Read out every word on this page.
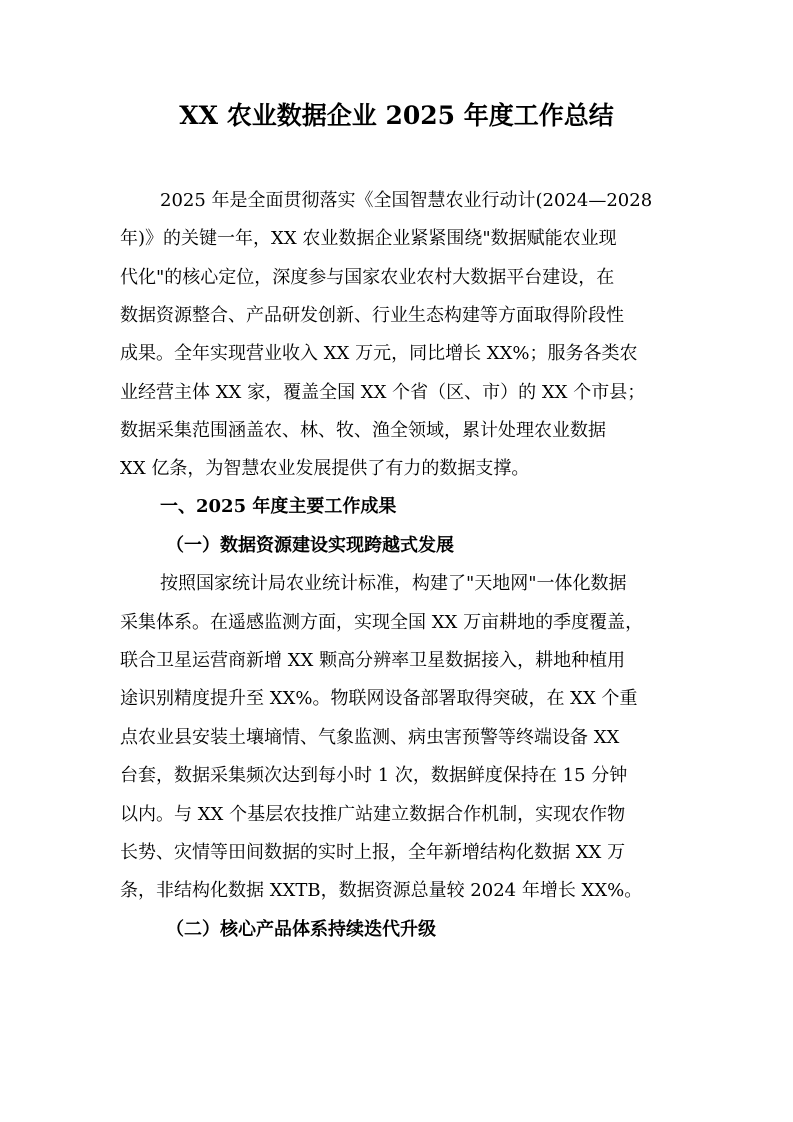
XX 农业数据企业 2025 年度工作总结
2025 年是全面贯彻落实《全国智慧农业行动计(2024—2028
年)》的关键一年，XX 农业数据企业紧紧围绕"数据赋能农业现
代化"的核心定位，深度参与国家农业农村大数据平台建设，在
数据资源整合、产品研发创新、行业生态构建等方面取得阶段性
成果。全年实现营业收入 XX 万元，同比增长 XX%；服务各类农
业经营主体 XX 家，覆盖全国 XX 个省（区、市）的 XX 个市县；
数据采集范围涵盖农、林、牧、渔全领域，累计处理农业数据
XX 亿条，为智慧农业发展提供了有力的数据支撑。
一、2025 年度主要工作成果
（一）数据资源建设实现跨越式发展
按照国家统计局农业统计标准，构建了"天地网"一体化数据
采集体系。在遥感监测方面，实现全国 XX 万亩耕地的季度覆盖，
联合卫星运营商新增 XX 颗高分辨率卫星数据接入，耕地种植用
途识别精度提升至 XX%。物联网设备部署取得突破，在 XX 个重
点农业县安装土壤墒情、气象监测、病虫害预警等终端设备 XX
台套，数据采集频次达到每小时 1 次，数据鲜度保持在 15 分钟
以内。与 XX 个基层农技推广站建立数据合作机制，实现农作物
长势、灾情等田间数据的实时上报，全年新增结构化数据 XX 万
条，非结构化数据 XXTB，数据资源总量较 2024 年增长 XX%。
（二）核心产品体系持续迭代升级
